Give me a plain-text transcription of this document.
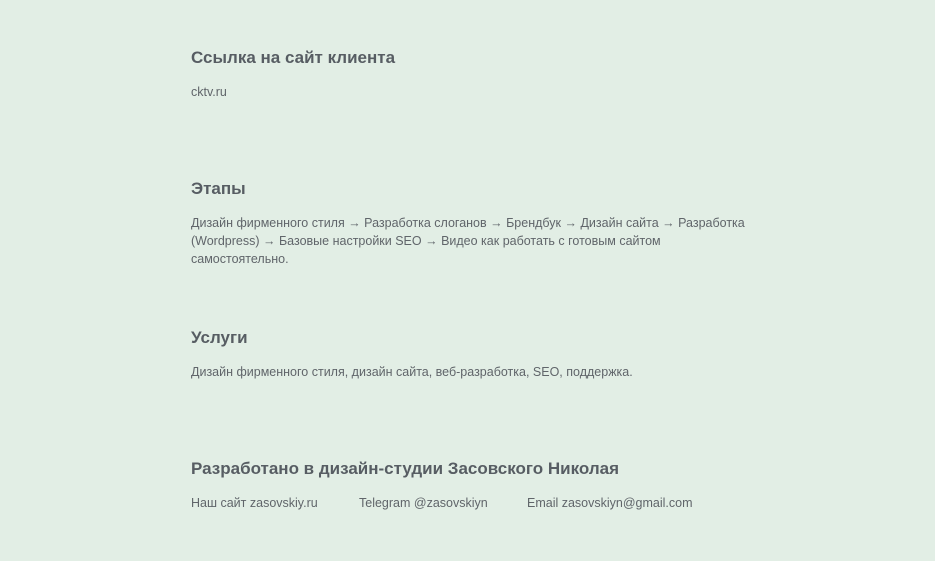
Ссылка на сайт клиента

cktv.ru

Этапы

Дизайн фирменного стиля → Разработка слоганов → Брендбук → Дизайн сайта → Разработка
(Wordpress) → Базовые настройки SEO → Видео как работать с готовым сайтом самостоятельно.

Услуги

Дизайн фирменного стиля, дизайн сайта, веб-разработка, SEO, поддержка.

Разработано в дизайн-студии Засовского Николая
Наш сайт zasovskiy.ru	Telegram @zasovskiyn	Email zasovskiyn@gmail.com
